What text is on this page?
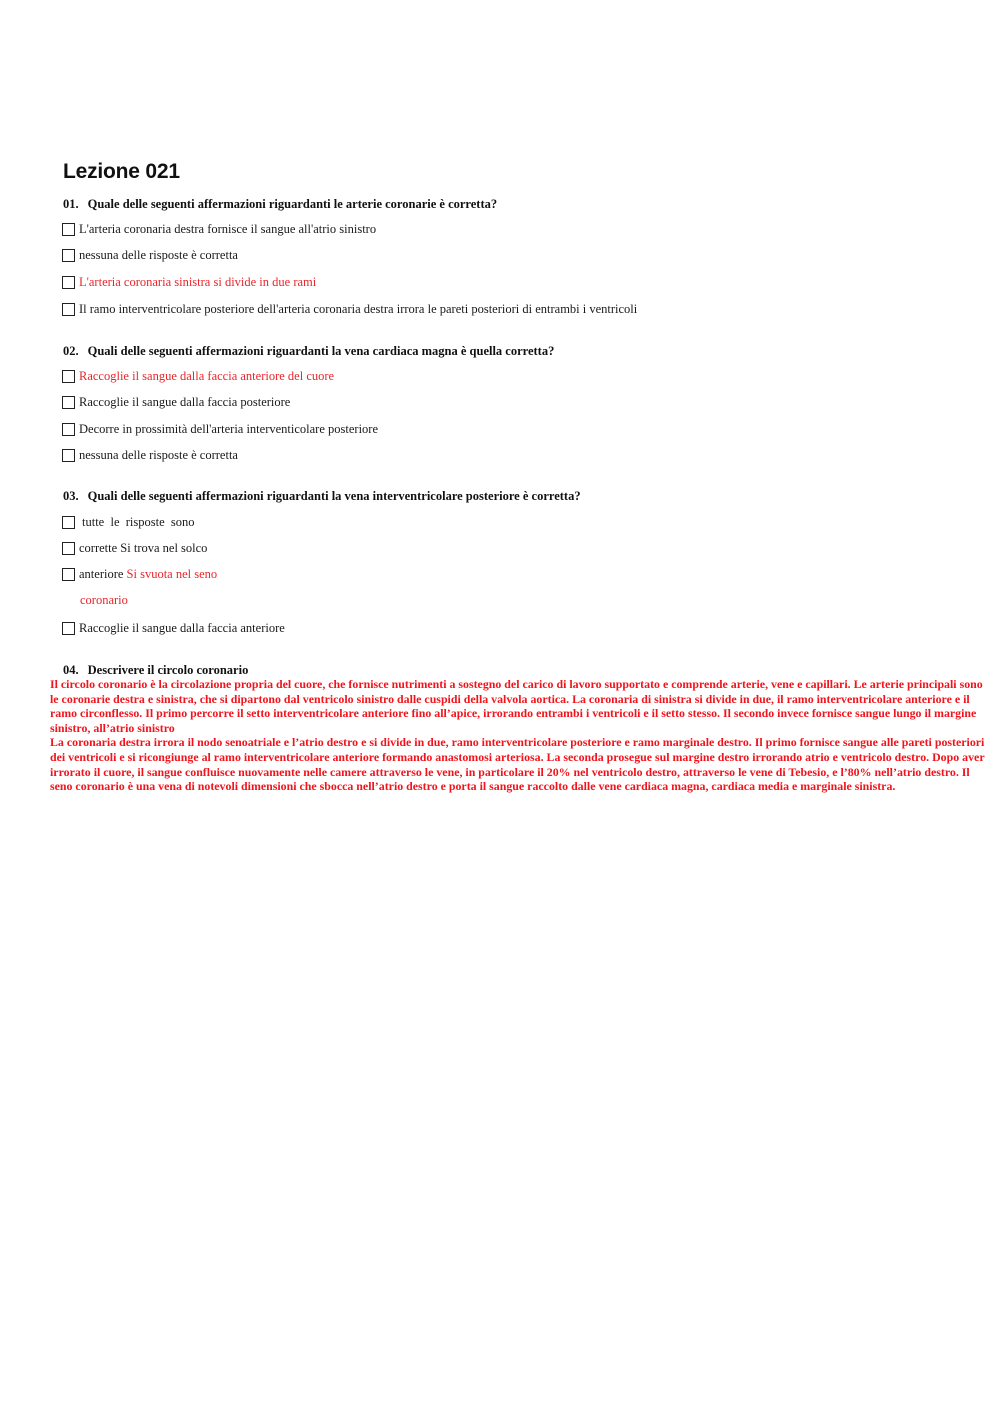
Lezione 021
01. Quale delle seguenti affermazioni riguardanti le arterie coronarie è corretta?
L'arteria coronaria destra fornisce il sangue all'atrio sinistro
nessuna delle risposte è corretta
L'arteria coronaria sinistra si divide in due rami
Il ramo interventricolare posteriore dell'arteria coronaria destra irrora le pareti posteriori di entrambi i ventricoli
02. Quali delle seguenti affermazioni riguardanti la vena cardiaca magna è quella corretta?
Raccoglie il sangue dalla faccia anteriore del cuore
Raccoglie il sangue dalla faccia posteriore
Decorre in prossimità dell'arteria interventicolare posteriore
nessuna delle risposte è corretta
03. Quali delle seguenti affermazioni riguardanti la vena interventricolare posteriore è corretta?
tutte  le  risposte  sono
corrette Si trova nel solco
anteriore
Si svuota nel seno
coronario
Raccoglie il sangue dalla faccia anteriore
04. Descrivere il circolo coronario

Il circolo coronario è la circolazione propria del cuore, che fornisce nutrimenti a sostegno del carico di lavoro supportato e comprende arterie, vene e capillari. Le arterie principali sono le coronarie destra e sinistra, che si dipartono dal ventricolo sinistro dalle cuspidi della valvola aortica. La coronaria di sinistra si divide in due, il ramo interventricolare anteriore e il ramo circonflesso. Il primo percorre il setto interventricolare anteriore fino all’apice, irrorando entrambi i ventricoli e il setto stesso. Il secondo invece fornisce sangue lungo il margine sinistro, all’atrio sinistro

La coronaria destra irrora il nodo senoatriale e l’atrio destro e si divide in due, ramo interventricolare posteriore e ramo marginale destro. Il primo fornisce sangue alle pareti posteriori dei ventricoli e si ricongiunge al ramo interventricolare anteriore formando anastomosi arteriosa. La seconda prosegue sul margine destro irrorando atrio e ventricolo destro. Dopo aver irrorato il cuore, il sangue confluisce nuovamente nelle camere attraverso le vene, in particolare il 20% nel ventricolo destro, attraverso le vene di Tebesio, e l’80% nell’atrio destro. Il seno coronario è una vena di notevoli dimensioni che sbocca nell’atrio destro e porta il sangue raccolto dalle vene cardiaca magna, cardiaca media e marginale sinistra.
